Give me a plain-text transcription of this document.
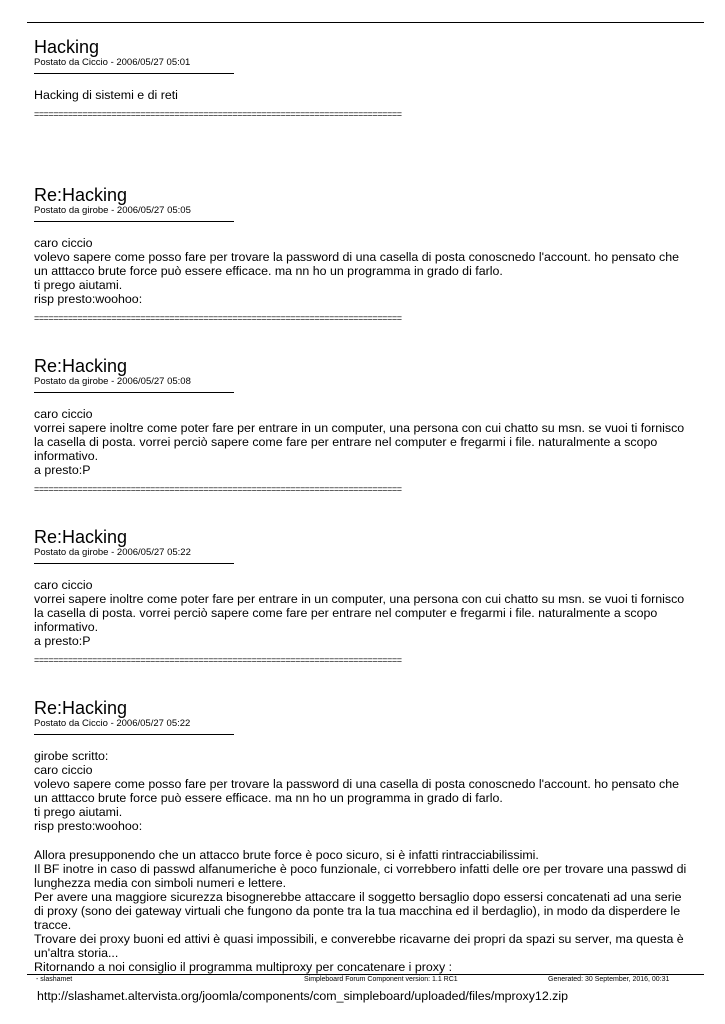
Hacking
Postato da Ciccio - 2006/05/27 05:01

Hacking di sistemi e di reti

============================================================================
Re:Hacking
Postato da girobe - 2006/05/27 05:05

caro ciccio

volevo sapere come posso fare per trovare la password di una casella di posta conoscnedo l'account. ho pensato che un atttacco brute force può essere efficace. ma nn ho un programma in grado di farlo.

ti prego aiutami.

risp presto:woohoo:

============================================================================
Re:Hacking
Postato da girobe - 2006/05/27 05:08

caro ciccio

vorrei sapere inoltre come poter fare per entrare in un computer, una persona con cui chatto su msn. se vuoi ti fornisco la casella di posta. vorrei perciò sapere come fare per entrare nel computer e fregarmi i file. naturalmente a scopo informativo.

a presto:P

============================================================================
Re:Hacking
Postato da girobe - 2006/05/27 05:22

caro ciccio

vorrei sapere inoltre come poter fare per entrare in un computer, una persona con cui chatto su msn. se vuoi ti fornisco la casella di posta. vorrei perciò sapere come fare per entrare nel computer e fregarmi i file. naturalmente a scopo informativo.

a presto:P

============================================================================
Re:Hacking
Postato da Ciccio - 2006/05/27 05:22

girobe scritto:

caro ciccio

volevo sapere come posso fare per trovare la password di una casella di posta conoscnedo l'account. ho pensato che un atttacco brute force può essere efficace. ma nn ho un programma in grado di farlo.

ti prego aiutami.

risp presto:woohoo:

Allora presupponendo che un attacco brute force è poco sicuro, si è infatti rintracciabilissimi.

Il BF inotre in caso di passwd alfanumeriche è poco funzionale, ci vorrebbero infatti delle ore per trovare una passwd di lunghezza media con simboli numeri e lettere.

Per avere una maggiore sicurezza bisognerebbe attaccare il soggetto bersaglio dopo essersi concatenati ad una serie di proxy (sono dei gateway virtuali che fungono da ponte tra la tua macchina ed il berdaglio), in modo da disperdere le tracce.

Trovare dei proxy buoni ed attivi è quasi impossibili, e converebbe ricavarne dei propri da spazi su server, ma questa è un'altra storia...

Ritornando a noi consiglio il programma multiproxy per concatenare i proxy :

http://slashamet.altervista.org/joomla/components/com_simpleboard/uploaded/files/mproxy12.zip
- slashamet	Simpleboard Forum Component version: 1.1 RC1	Generated: 30 September, 2016, 00:31
